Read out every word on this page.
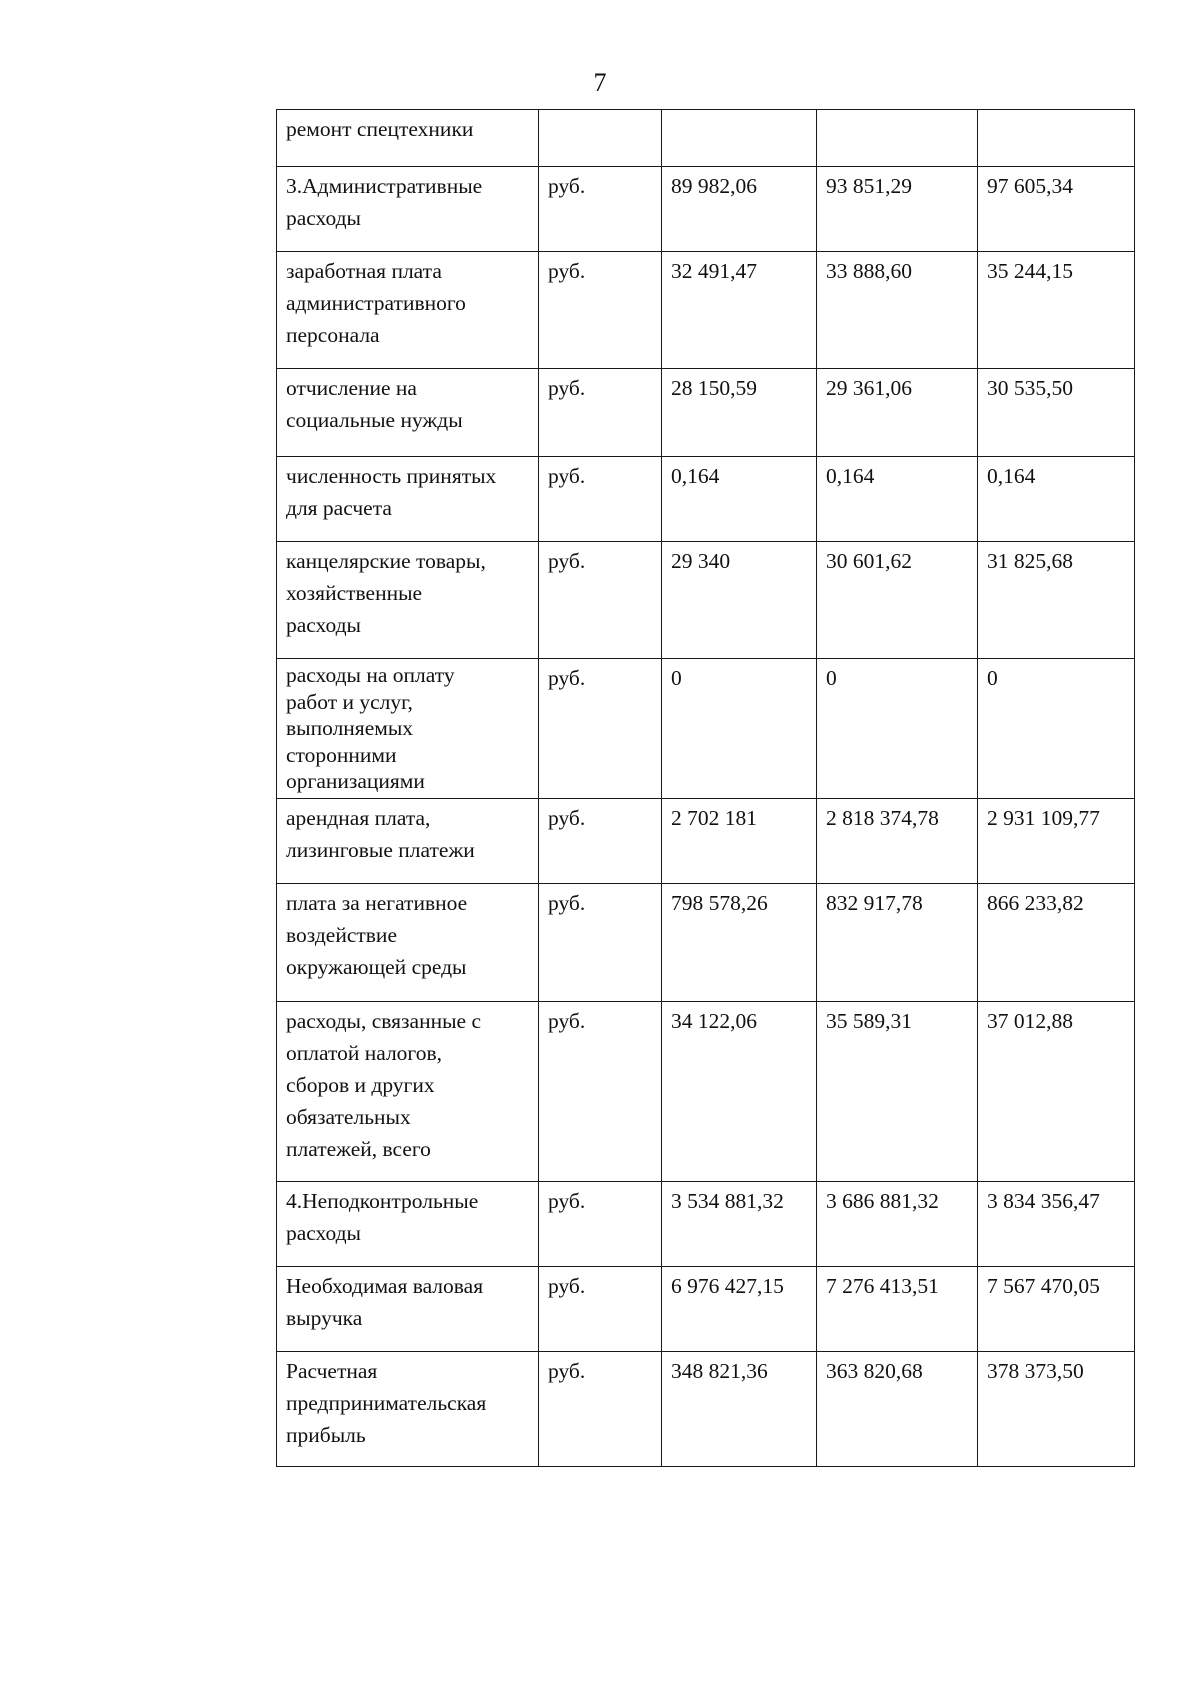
7
ремонт спецтехники				

3.Административные
расходы	руб.	89 982,06	93 851,29	97 605,34

заработная плата
административного
персонала	руб.	32 491,47	33 888,60	35 244,15

отчисление на
социальные нужды	руб.	28 150,59	29 361,06	30 535,50

численность принятых
для расчета	руб.	0,164	0,164	0,164

канцелярские товары,
хозяйственные
расходы	руб.	29 340	30 601,62	31 825,68

расходы на оплату
работ и услуг,
выполняемых
сторонними
организациями	руб.	0	0	0

арендная плата,
лизинговые платежи	руб.	2 702 181	2 818 374,78	2 931 109,77

плата за негативное
воздействие
окружающей среды	руб.	798 578,26	832 917,78	866 233,82

расходы, связанные с
оплатой налогов,
сборов и других
обязательных
платежей, всего	руб.	34 122,06	35 589,31	37 012,88

4.Неподконтрольные
расходы	руб.	3 534 881,32	3 686 881,32	3 834 356,47

Необходимая валовая
выручка	руб.	6 976 427,15	7 276 413,51	7 567 470,05

Расчетная
предпринимательская
прибыль	руб.	348 821,36	363 820,68	378 373,50
